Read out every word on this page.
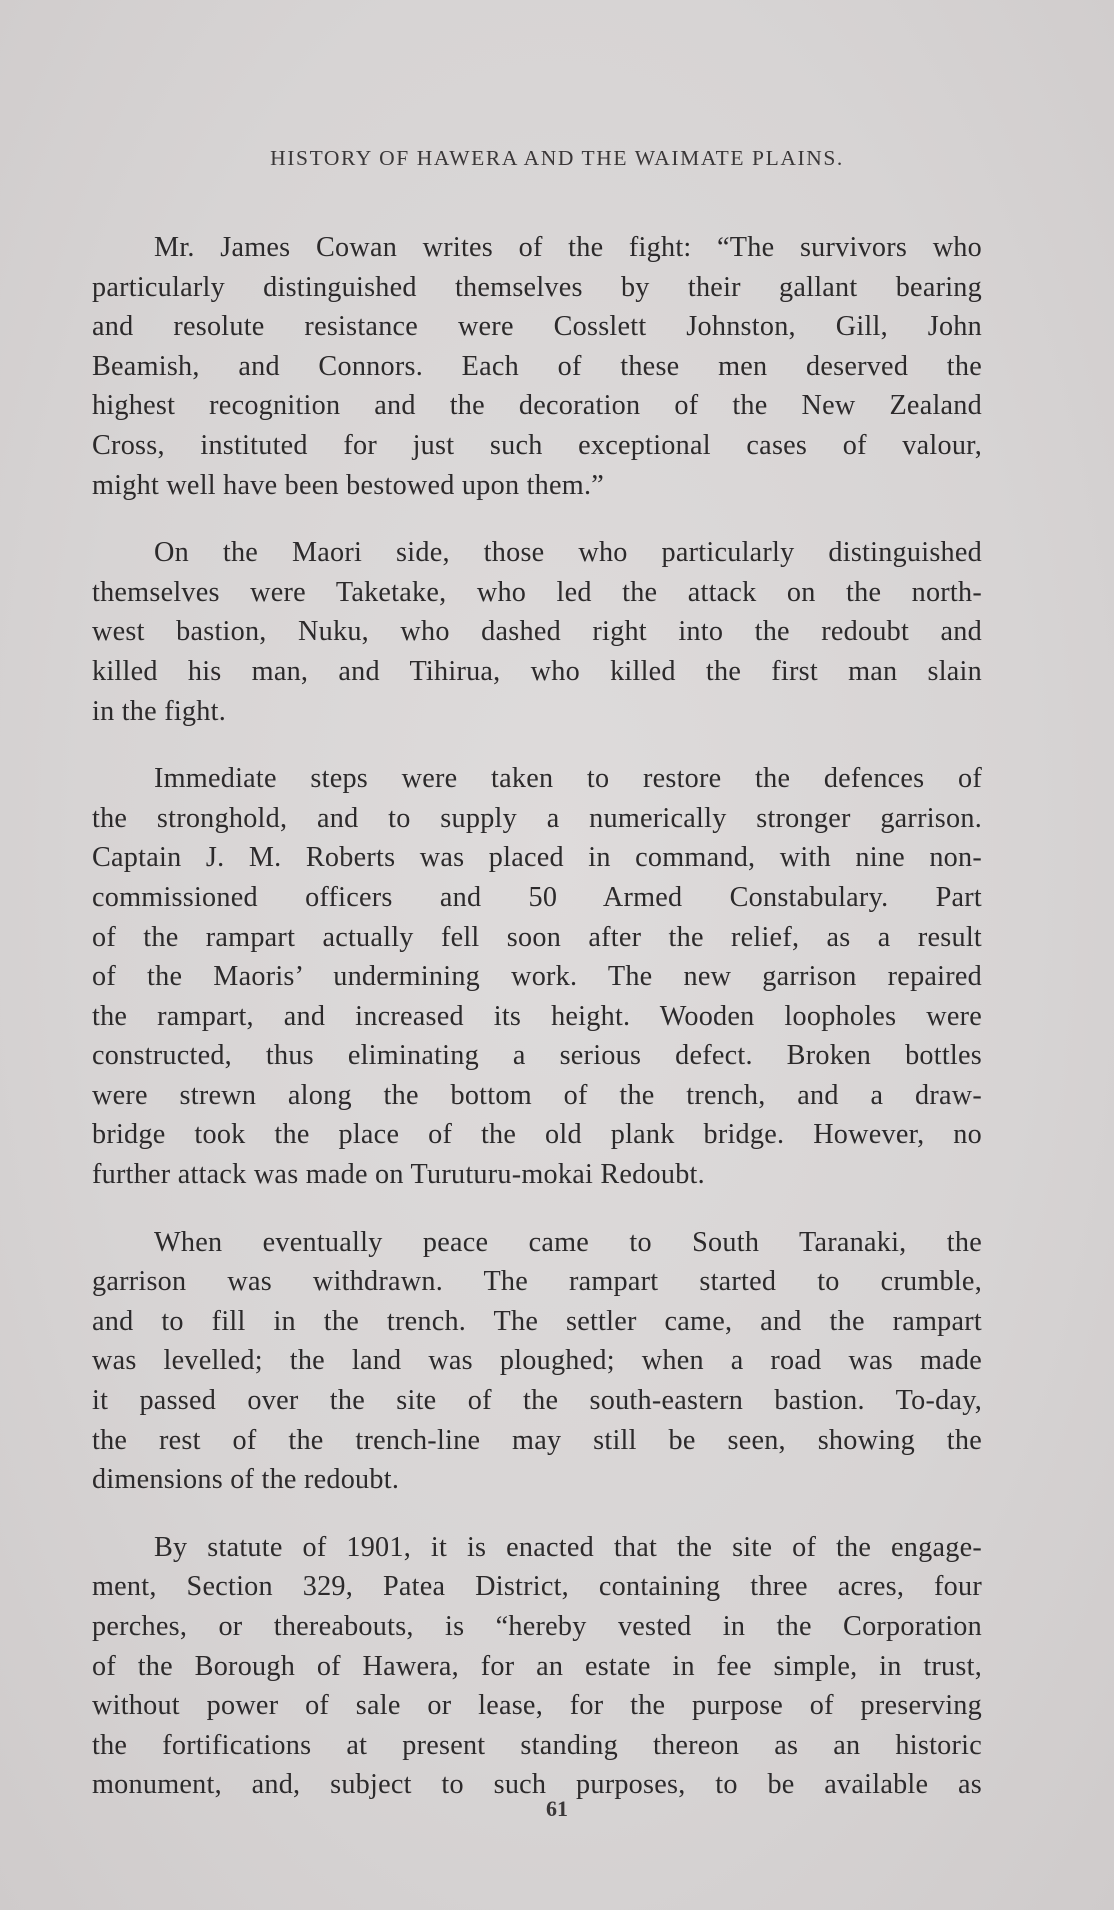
HISTORY OF HAWERA AND THE WAIMATE PLAINS.
Mr. James Cowan writes of the fight: “The survivors who
particularly distinguished themselves by their gallant bearing
and resolute resistance were Cosslett Johnston, Gill, John
Beamish, and Connors. Each of these men deserved the
highest recognition and the decoration of the New Zealand
Cross, instituted for just such exceptional cases of valour,
might well have been bestowed upon them.”
On the Maori side, those who particularly distinguished
themselves were Taketake, who led the attack on the north-
west bastion, Nuku, who dashed right into the redoubt and
killed his man, and Tihirua, who killed the first man slain
in the fight.
Immediate steps were taken to restore the defences of
the stronghold, and to supply a numerically stronger garrison.
Captain J. M. Roberts was placed in command, with nine non-
commissioned officers and 50 Armed Constabulary. Part
of the rampart actually fell soon after the relief, as a result
of the Maoris’ undermining work. The new garrison repaired
the rampart, and increased its height. Wooden loopholes were
constructed, thus eliminating a serious defect. Broken bottles
were strewn along the bottom of the trench, and a draw-
bridge took the place of the old plank bridge. However, no
further attack was made on Turuturu-mokai Redoubt.
When eventually peace came to South Taranaki, the
garrison was withdrawn. The rampart started to crumble,
and to fill in the trench. The settler came, and the rampart
was levelled; the land was ploughed; when a road was made
it passed over the site of the south-eastern bastion. To-day,
the rest of the trench-line may still be seen, showing the
dimensions of the redoubt.
By statute of 1901, it is enacted that the site of the engage-
ment, Section 329, Patea District, containing three acres, four
perches, or thereabouts, is “hereby vested in the Corporation
of the Borough of Hawera, for an estate in fee simple, in trust,
without power of sale or lease, for the purpose of preserving
the fortifications at present standing thereon as an historic
monument, and, subject to such purposes, to be available as
61
